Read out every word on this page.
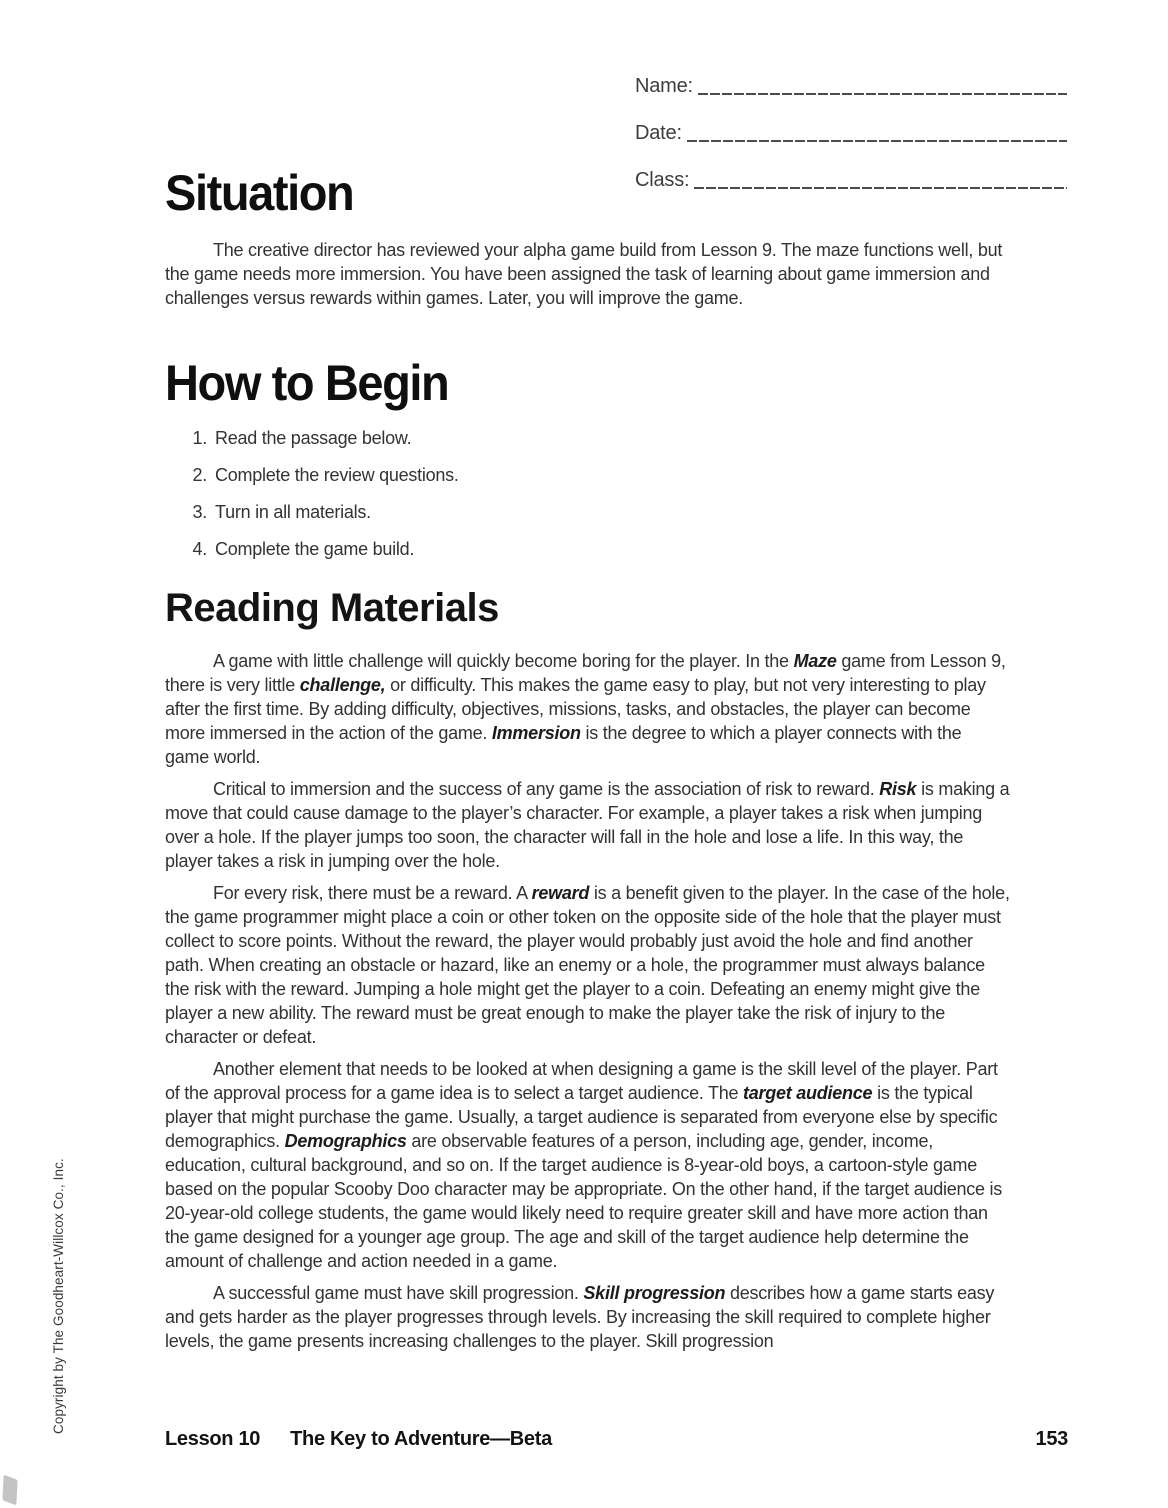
Name:
Date:
Class:
Situation

The creative director has reviewed your alpha game build from Lesson 9. The maze functions well, but the game needs more immersion. You have been assigned the task of learning about game immersion and challenges versus rewards within games. Later, you will improve the game.

How to Begin
Read the passage below.
Complete the review questions.
Turn in all materials.
Complete the game build.
Reading Materials

A game with little challenge will quickly become boring for the player. In the Maze game from Lesson 9, there is very little challenge, or difficulty. This makes the game easy to play, but not very interesting to play after the first time. By adding difficulty, objectives, missions, tasks, and obstacles, the player can become more immersed in the action of the game. Immersion is the degree to which a player connects with the game world.

Critical to immersion and the success of any game is the association of risk to reward. Risk is making a move that could cause damage to the player’s character. For example, a player takes a risk when jumping over a hole. If the player jumps too soon, the character will fall in the hole and lose a life. In this way, the player takes a risk in jumping over the hole.

For every risk, there must be a reward. A reward is a benefit given to the player. In the case of the hole, the game programmer might place a coin or other token on the opposite side of the hole that the player must collect to score points. Without the reward, the player would probably just avoid the hole and find another path. When creating an obstacle or hazard, like an enemy or a hole, the programmer must always balance the risk with the reward. Jumping a hole might get the player to a coin. Defeating an enemy might give the player a new ability. The reward must be great enough to make the player take the risk of injury to the character or defeat.

Another element that needs to be looked at when designing a game is the skill level of the player. Part of the approval process for a game idea is to select a target audience. The target audience is the typical player that might purchase the game. Usually, a target audience is separated from everyone else by specific demographics. Demographics are observable features of a person, including age, gender, income, education, cultural background, and so on. If the target audience is 8-year-old boys, a cartoon-style game based on the popular Scooby Doo character may be appropriate. On the other hand, if the target audience is 20-year-old college students, the game would likely need to require greater skill and have more action than the game designed for a younger age group. The age and skill of the target audience help determine the amount of challenge and action needed in a game.

A successful game must have skill progression. Skill progression describes how a game starts easy and gets harder as the player progresses through levels. By increasing the skill required to complete higher levels, the game presents increasing challenges to the player. Skill progression

Lesson 10 The Key to Adventure—Beta	153
Copyright by The Goodheart-Willcox Co., Inc.
